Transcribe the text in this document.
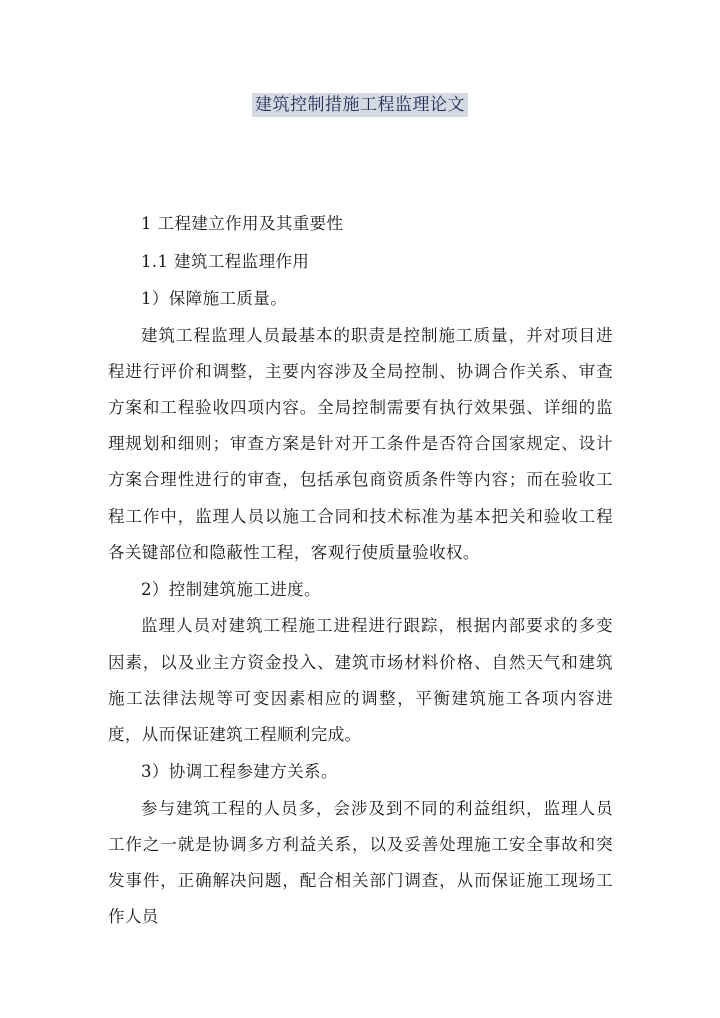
建筑控制措施工程监理论文

1 工程建立作用及其重要性

1.1 建筑工程监理作用

1）保障施工质量。

建筑工程监理人员最基本的职责是控制施工质量，并对项目进程进行评价和调整，主要内容涉及全局控制、协调合作关系、审查方案和工程验收四项内容。全局控制需要有执行效果强、详细的监理规划和细则；审查方案是针对开工条件是否符合国家规定、设计方案合理性进行的审查，包括承包商资质条件等内容；而在验收工程工作中，监理人员以施工合同和技术标准为基本把关和验收工程各关键部位和隐蔽性工程，客观行使质量验收权。

2）控制建筑施工进度。

监理人员对建筑工程施工进程进行跟踪，根据内部要求的多变因素，以及业主方资金投入、建筑市场材料价格、自然天气和建筑施工法律法规等可变因素相应的调整，平衡建筑施工各项内容进度，从而保证建筑工程顺利完成。

3）协调工程参建方关系。

参与建筑工程的人员多，会涉及到不同的利益组织，监理人员工作之一就是协调多方利益关系，以及妥善处理施工安全事故和突发事件，正确解决问题，配合相关部门调查，从而保证施工现场工作人员
